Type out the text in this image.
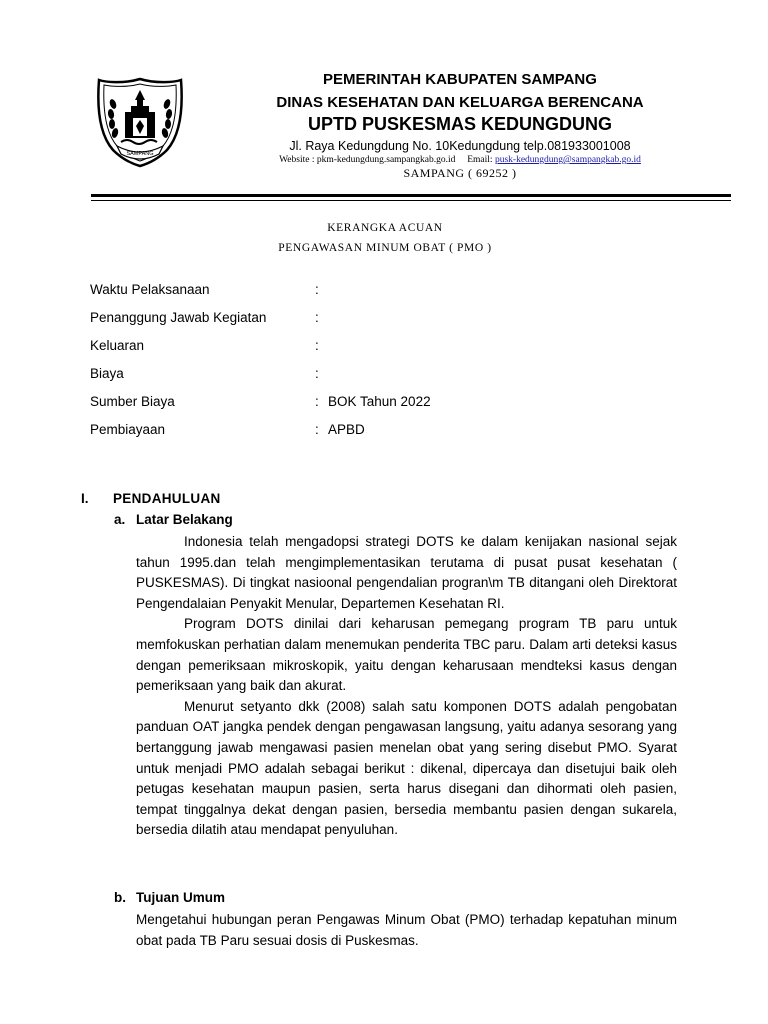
SAMPANG
PEMERINTAH KABUPATEN SAMPANG
DINAS KESEHATAN DAN KELUARGA BERENCANA
UPTD PUSKESMAS KEDUNGDUNG
Jl. Raya Kedungdung No. 10Kedungdung telp.081933001008
Website : pkm-kedungdung.sampangkab.go.id     Email: pusk-kedungdung@sampangkab.go.id
SAMPANG ( 69252 )
KERANGKA ACUAN
PENGAWASAN MINUM OBAT ( PMO )
Waktu Pelaksanaan	:
Penanggung Jawab Kegiatan	:
Keluaran	:
Biaya	:
Sumber Biaya	: BOK Tahun 2022
Pembiayaan	: APBD
I. PENDAHULUAN
a. Latar Belakang

Indonesia telah mengadopsi strategi DOTS ke dalam kenijakan nasional sejak tahun 1995.dan telah mengimplementasikan terutama di pusat pusat kesehatan ( PUSKESMAS). Di tingkat nasioonal pengendalian progran\m TB ditangani oleh Direktorat Pengendalaian Penyakit Menular, Departemen Kesehatan RI.

Program DOTS dinilai dari keharusan pemegang program TB paru untuk memfokuskan perhatian dalam menemukan penderita TBC paru. Dalam arti deteksi kasus dengan pemeriksaan mikroskopik, yaitu dengan keharusaan mendteksi kasus dengan pemeriksaan yang baik dan akurat.

Menurut setyanto dkk (2008) salah satu komponen DOTS adalah pengobatan panduan OAT jangka pendek dengan pengawasan langsung, yaitu adanya sesorang yang bertanggung jawab mengawasi pasien menelan obat yang sering disebut PMO. Syarat untuk menjadi PMO adalah sebagai berikut : dikenal, dipercaya dan disetujui baik oleh petugas kesehatan maupun pasien, serta harus disegani dan dihormati oleh pasien, tempat tinggalnya dekat dengan pasien, bersedia membantu pasien dengan sukarela, bersedia dilatih atau mendapat penyuluhan.

b. Tujuan Umum

Mengetahui hubungan peran Pengawas Minum Obat (PMO) terhadap kepatuhan minum obat pada TB Paru sesuai dosis di Puskesmas.
